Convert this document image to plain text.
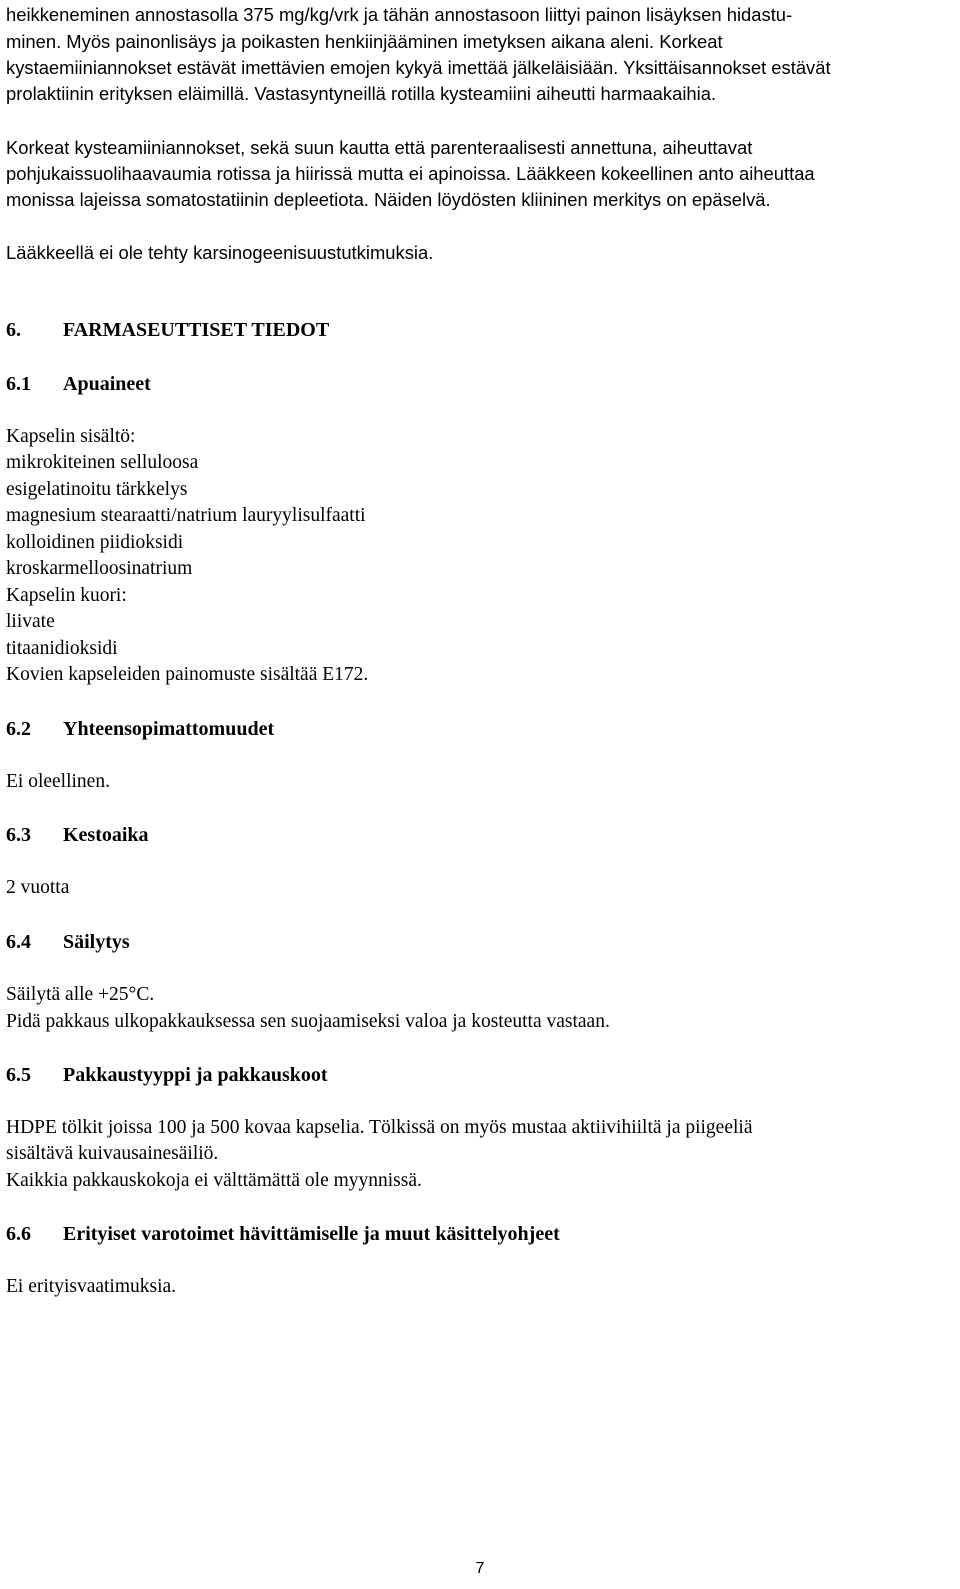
heikkeneminen annostasolla 375 mg/kg/vrk ja tähän annostasoon liittyi painon lisäyksen hidastu-
minen. Myös painonlisäys ja poikasten henkiinjääminen imetyksen aikana aleni. Korkeat
kystaemiiniannokset estävät imettävien emojen kykyä imettää jälkeläisiään. Yksittäisannokset estävät
prolaktiinin erityksen eläimillä. Vastasyntyneillä rotilla kysteamiini aiheutti harmaakaihia.
Korkeat kysteamiiniannokset, sekä suun kautta että parenteraalisesti annettuna, aiheuttavat
pohjukaissuolihaavaumia rotissa ja hiirissä mutta ei apinoissa. Lääkkeen kokeellinen anto aiheuttaa
monissa lajeissa somatostatiinin depleetiota. Näiden löydösten kliininen merkitys on epäselvä.
Lääkkeellä ei ole tehty karsinogeenisuustutkimuksia.
6. FARMASEUTTISET TIEDOT
6.1 Apuaineet
Kapselin sisältö:
mikrokiteinen selluloosa
esigelatinoitu tärkkelys
magnesium stearaatti/natrium lauryylisulfaatti
kolloidinen piidioksidi
kroskarmelloosinatrium
Kapselin kuori:
liivate
titaanidioksidi
Kovien kapseleiden painomuste sisältää E172.
6.2 Yhteensopimattomuudet
Ei oleellinen.
6.3 Kestoaika
2 vuotta
6.4 Säilytys
Säilytä alle +25°C.
Pidä pakkaus ulkopakkauksessa sen suojaamiseksi valoa ja kosteutta vastaan.
6.5 Pakkaustyyppi ja pakkauskoot
HDPE tölkit joissa 100 ja 500 kovaa kapselia. Tölkissä on myös mustaa aktiivihiiltä ja piigeeliä
sisältävä kuivausainesäiliö.
Kaikkia pakkauskokoja ei välttämättä ole myynnissä.
6.6 Erityiset varotoimet hävittämiselle ja muut käsittelyohjeet
Ei erityisvaatimuksia.
7
